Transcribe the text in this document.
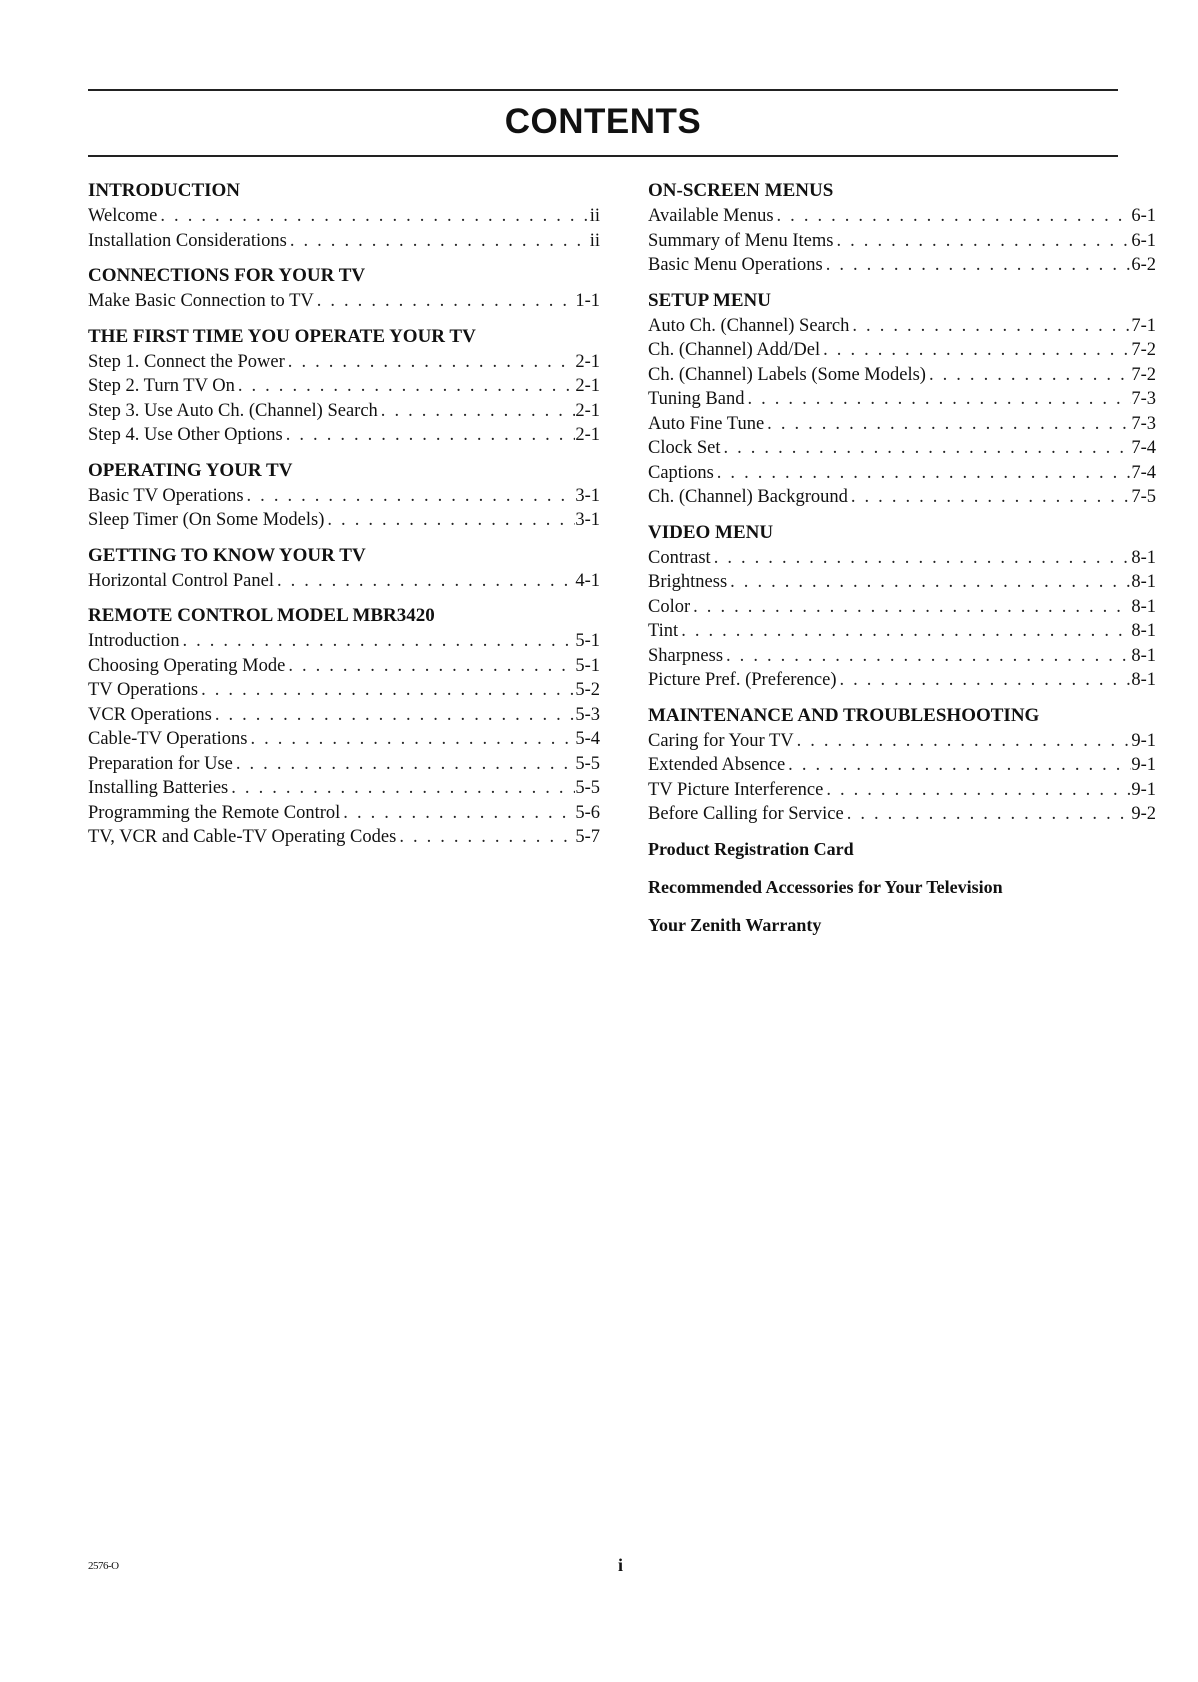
CONTENTS
INTRODUCTION
Welcome . . .	ii
Installation Considerations . . .	ii
CONNECTIONS FOR YOUR TV
Make Basic Connection to TV . . .	1-1
THE FIRST TIME YOU OPERATE YOUR TV
Step 1. Connect the Power . . .	2-1
Step 2. Turn TV On . . .	2-1
Step 3. Use Auto Ch. (Channel) Search . . .	2-1
Step 4. Use Other Options . . .	2-1
OPERATING YOUR TV
Basic TV Operations . . .	3-1
Sleep Timer (On Some Models) . . .	3-1
GETTING TO KNOW YOUR TV
Horizontal Control Panel . . .	4-1
REMOTE CONTROL MODEL MBR3420
Introduction . . .	5-1
Choosing Operating Mode . . .	5-1
TV Operations . . .	5-2
VCR Operations . . .	5-3
Cable-TV Operations . . .	5-4
Preparation for Use . . .	5-5
Installing Batteries . . .	5-5
Programming the Remote Control . . .	5-6
TV, VCR and Cable-TV Operating Codes . . .	5-7
ON-SCREEN MENUS
Available Menus . . .	6-1
Summary of Menu Items . . .	6-1
Basic Menu Operations . . .	6-2
SETUP MENU
Auto Ch. (Channel) Search . . .	7-1
Ch. (Channel) Add/Del . . .	7-2
Ch. (Channel) Labels (Some Models) . . .	7-2
Tuning Band . . .	7-3
Auto Fine Tune . . .	7-3
Clock Set . . .	7-4
Captions . . .	7-4
Ch. (Channel) Background . . .	7-5
VIDEO MENU
Contrast . . .	8-1
Brightness . . .	8-1
Color . . .	8-1
Tint . . .	8-1
Sharpness . . .	8-1
Picture Pref. (Preference) . . .	8-1
MAINTENANCE AND TROUBLESHOOTING
Caring for Your TV . . .	9-1
Extended Absence . . .	9-1
TV Picture Interference . . .	9-1
Before Calling for Service . . .	9-2
Product Registration Card
Recommended Accessories for Your Television
Your Zenith Warranty
2576-O	i
